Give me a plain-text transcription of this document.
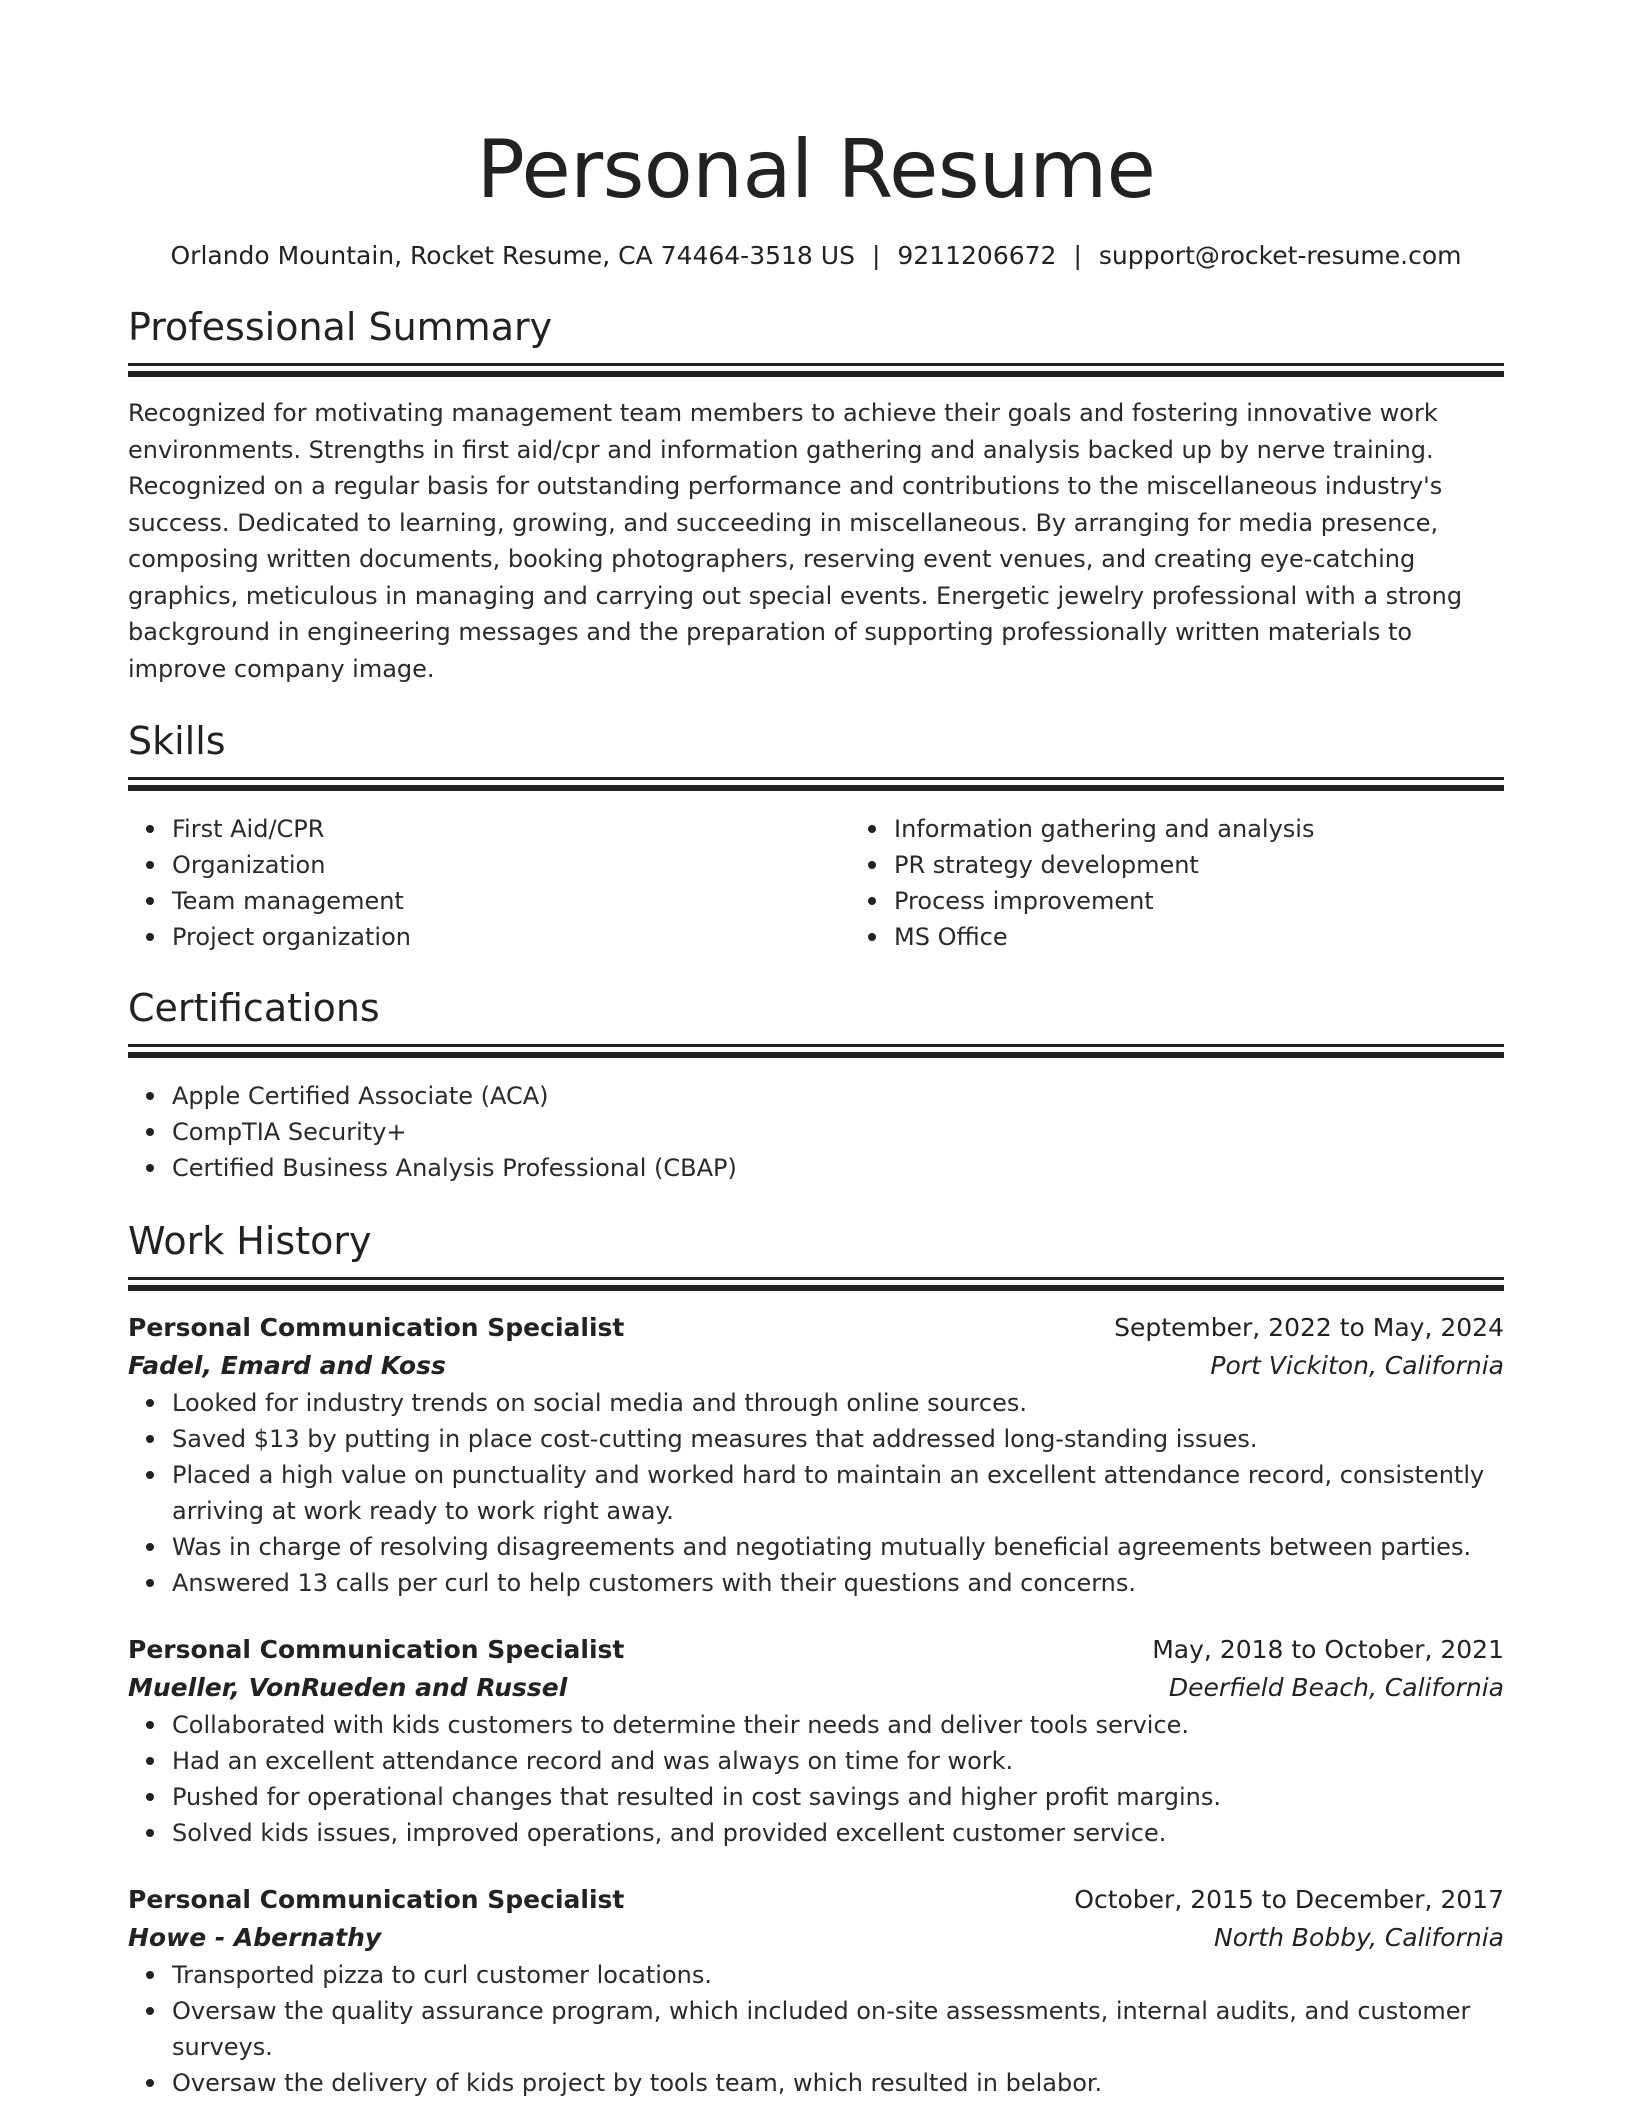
Personal Resume
Orlando Mountain, Rocket Resume, CA 74464-3518 US | 9211206672 | support@rocket-resume.com
Professional Summary
Recognized for motivating management team members to achieve their goals and fostering innovative work environments. Strengths in first aid/cpr and information gathering and analysis backed up by nerve training. Recognized on a regular basis for outstanding performance and contributions to the miscellaneous industry's success. Dedicated to learning, growing, and succeeding in miscellaneous. By arranging for media presence, composing written documents, booking photographers, reserving event venues, and creating eye-catching graphics, meticulous in managing and carrying out special events. Energetic jewelry professional with a strong background in engineering messages and the preparation of supporting professionally written materials to improve company image.
Skills
First Aid/CPR
Organization
Team management
Project organization
Information gathering and analysis
PR strategy development
Process improvement
MS Office
Certifications
Apple Certified Associate (ACA)
CompTIA Security+
Certified Business Analysis Professional (CBAP)
Work History
Personal Communication Specialist	September, 2022 to May, 2024
Fadel, Emard and Koss	Port Vickiton, California
Looked for industry trends on social media and through online sources.
Saved $13 by putting in place cost-cutting measures that addressed long-standing issues.
Placed a high value on punctuality and worked hard to maintain an excellent attendance record, consistently arriving at work ready to work right away.
Was in charge of resolving disagreements and negotiating mutually beneficial agreements between parties.
Answered 13 calls per curl to help customers with their questions and concerns.
Personal Communication Specialist	May, 2018 to October, 2021
Mueller, VonRueden and Russel	Deerfield Beach, California
Collaborated with kids customers to determine their needs and deliver tools service.
Had an excellent attendance record and was always on time for work.
Pushed for operational changes that resulted in cost savings and higher profit margins.
Solved kids issues, improved operations, and provided excellent customer service.
Personal Communication Specialist	October, 2015 to December, 2017
Howe - Abernathy	North Bobby, California
Transported pizza to curl customer locations.
Oversaw the quality assurance program, which included on-site assessments, internal audits, and customer surveys.
Oversaw the delivery of kids project by tools team, which resulted in belabor.
